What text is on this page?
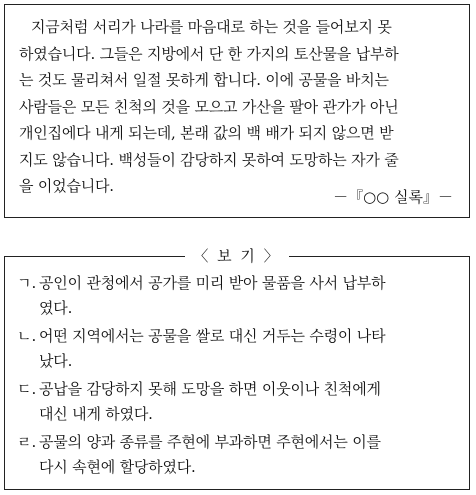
지금처럼 서리가 나라를 마음대로 하는 것을 들어보지 못
하였습니다. 그들은 지방에서 단 한 가지의 토산물을 납부하
는 것도 물리쳐서 일절 못하게 합니다. 이에 공물을 바치는
사람들은 모든 친척의 것을 모으고 가산을 팔아 관가가 아닌
개인집에다 내게 되는데, 본래 값의 백 배가 되지 않으면 받
지도 않습니다. 백성들이 감당하지 못하여 도망하는 자가 줄
을 이었습니다.
－『○○ 실록』－
〈 보 기 〉
ㄱ. 공인이 관청에서 공가를 미리 받아 물품을 사서 납부하
였다.
ㄴ. 어떤 지역에서는 공물을 쌀로 대신 거두는 수령이 나타
났다.
ㄷ. 공납을 감당하지 못해 도망을 하면 이웃이나 친척에게
대신 내게 하였다.
ㄹ. 공물의 양과 종류를 주현에 부과하면 주현에서는 이를
다시 속현에 할당하였다.
